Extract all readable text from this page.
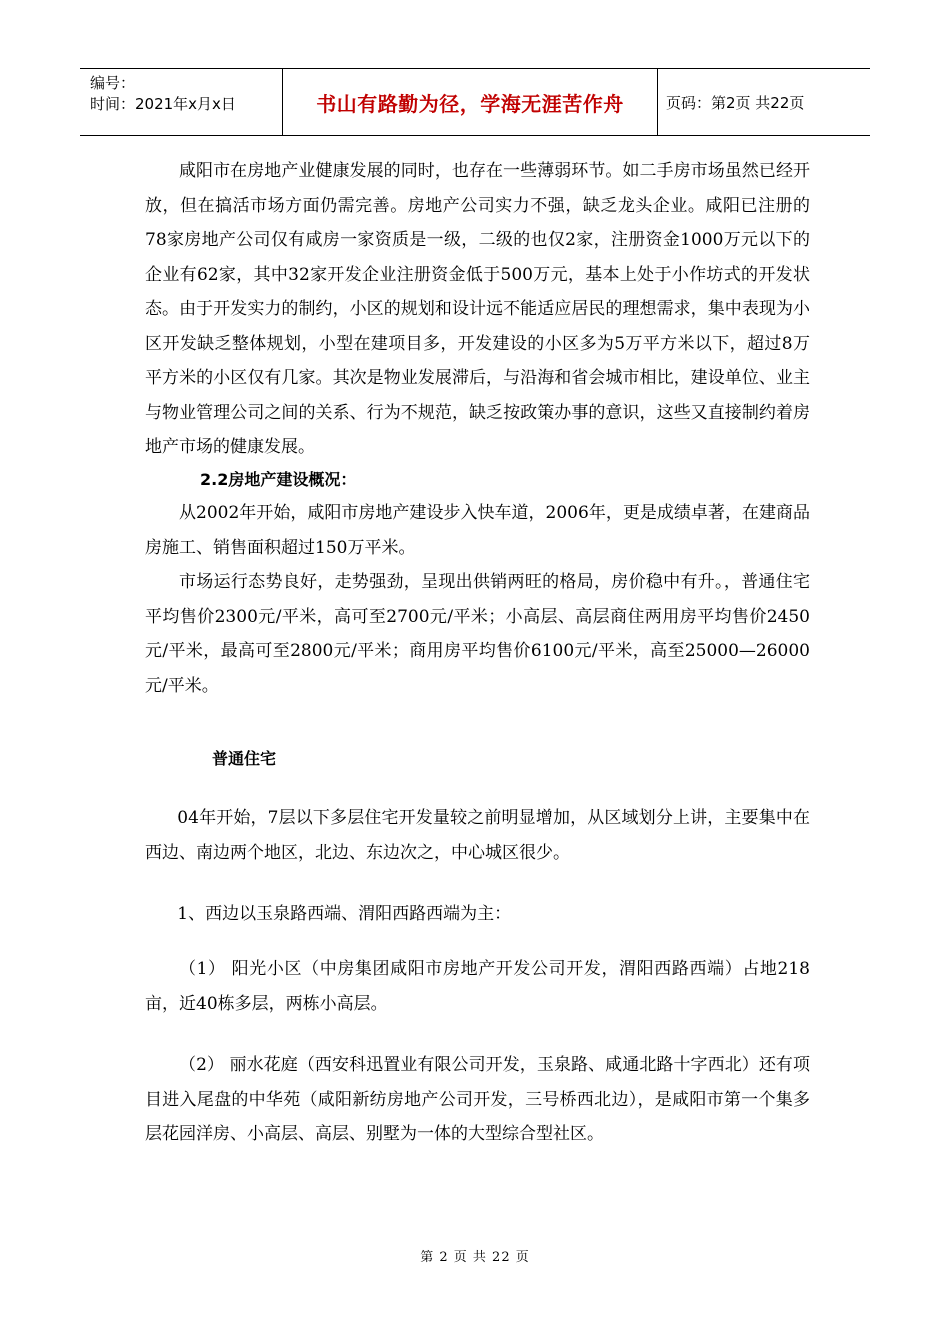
编号：
时间：2021年x月x日	书山有路勤为径，学海无涯苦作舟	页码：第2页 共22页

咸阳市在房地产业健康发展的同时，也存在一些薄弱环节。如二手房市场虽然已经开放，但在搞活市场方面仍需完善。房地产公司实力不强，缺乏龙头企业。咸阳已注册的78家房地产公司仅有咸房一家资质是一级，二级的也仅2家，注册资金1000万元以下的企业有62家，其中32家开发企业注册资金低于500万元，基本上处于小作坊式的开发状态。由于开发实力的制约，小区的规划和设计远不能适应居民的理想需求，集中表现为小区开发缺乏整体规划，小型在建项目多，开发建设的小区多为5万平方米以下，超过8万平方米的小区仅有几家。其次是物业发展滞后，与沿海和省会城市相比，建设单位、业主与物业管理公司之间的关系、行为不规范，缺乏按政策办事的意识，这些又直接制约着房地产市场的健康发展。

2.2房地产建设概况：

从2002年开始，咸阳市房地产建设步入快车道，2006年，更是成绩卓著，在建商品房施工、销售面积超过150万平米。

市场运行态势良好，走势强劲，呈现出供销两旺的格局，房价稳中有升。，普通住宅平均售价2300元/平米，高可至2700元/平米；小高层、高层商住两用房平均售价2450元/平米，最高可至2800元/平米；商用房平均售价6100元/平米，高至25000—26000元/平米。

普通住宅

04年开始，7层以下多层住宅开发量较之前明显增加，从区域划分上讲，主要集中在西边、南边两个地区，北边、东边次之，中心城区很少。

1、西边以玉泉路西端、渭阳西路西端为主：

（1） 阳光小区（中房集团咸阳市房地产开发公司开发，渭阳西路西端）占地218亩，近40栋多层，两栋小高层。

（2） 丽水花庭（西安科迅置业有限公司开发，玉泉路、咸通北路十字西北）还有项目进入尾盘的中华苑（咸阳新纺房地产公司开发，三号桥西北边），是咸阳市第一个集多层花园洋房、小高层、高层、别墅为一体的大型综合型社区。

第 2 页 共 22 页
